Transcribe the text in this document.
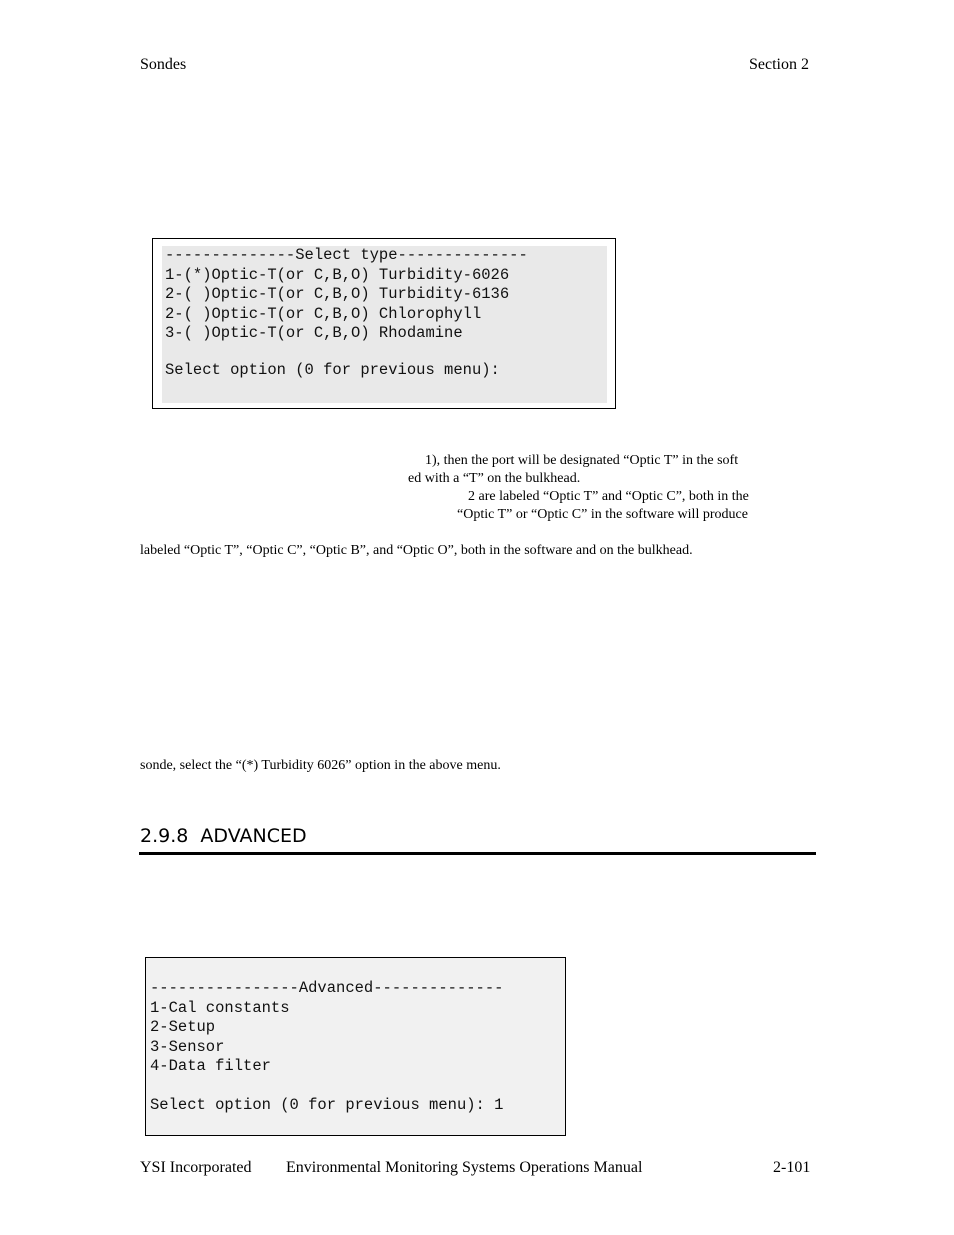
Sondes	Section 2
--------------Select type--------------
1-(*)Optic-T(or C,B,O) Turbidity-6026
2-( )Optic-T(or C,B,O) Turbidity-6136
2-( )Optic-T(or C,B,O) Chlorophyll
3-( )Optic-T(or C,B,O) Rhodamine
Select option (0 for previous menu):
1), then the port will be designated “Optic T” in the soft
ed with a “T” on the bulkhead.
2 are labeled “Optic T” and “Optic C”, both in the
“Optic T” or “Optic C” in the software will produce
labeled “Optic T”, “Optic C”, “Optic B”, and “Optic O”, both in the software and on the bulkhead.
sonde, select the “(*) Turbidity 6026” option in the above menu.
2.9.8  ADVANCED
----------------Advanced--------------
1-Cal constants
2-Setup
3-Sensor
4-Data filter
Select option (0 for previous menu): 1
YSI Incorporated Environmental Monitoring Systems Operations Manual	2-101
